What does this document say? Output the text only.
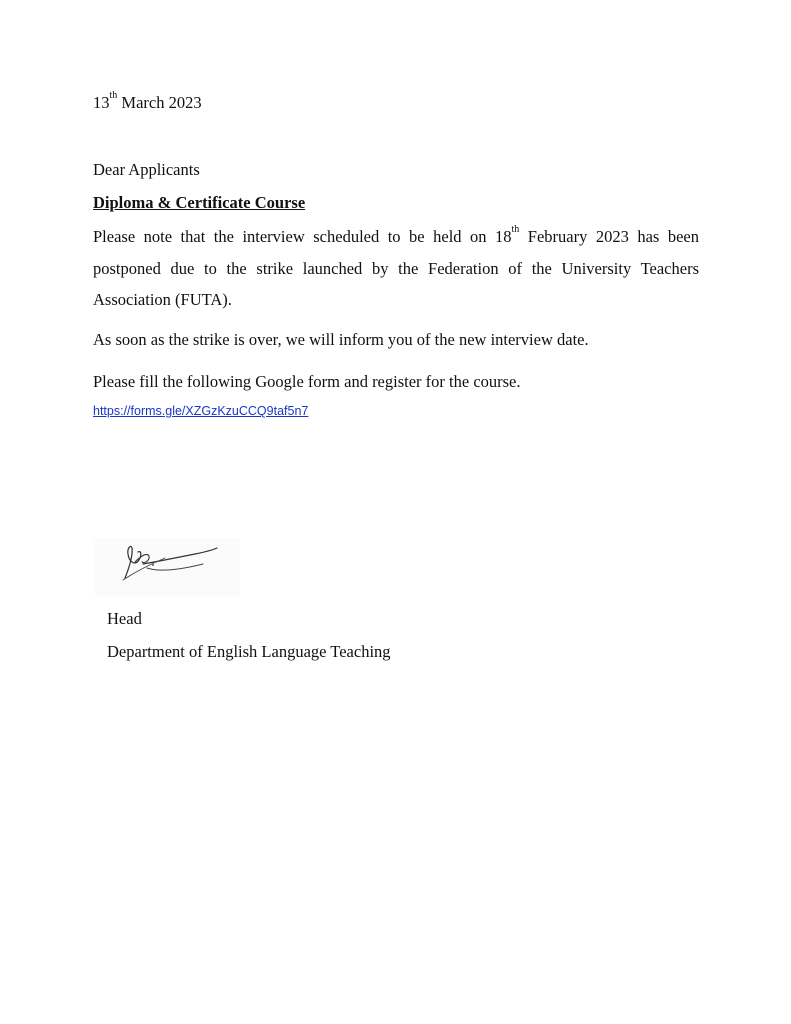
13th March 2023
Dear Applicants
Diploma & Certificate Course
Please note that the interview scheduled to be held on 18th February 2023 has been
postponed due to the strike launched by the Federation of the University Teachers
Association (FUTA).
As soon as the strike is over, we will inform you of the new interview date.
Please fill the following Google form and register for the course.
https://forms.gle/XZGzKzuCCQ9taf5n7
Head
Department of English Language Teaching
